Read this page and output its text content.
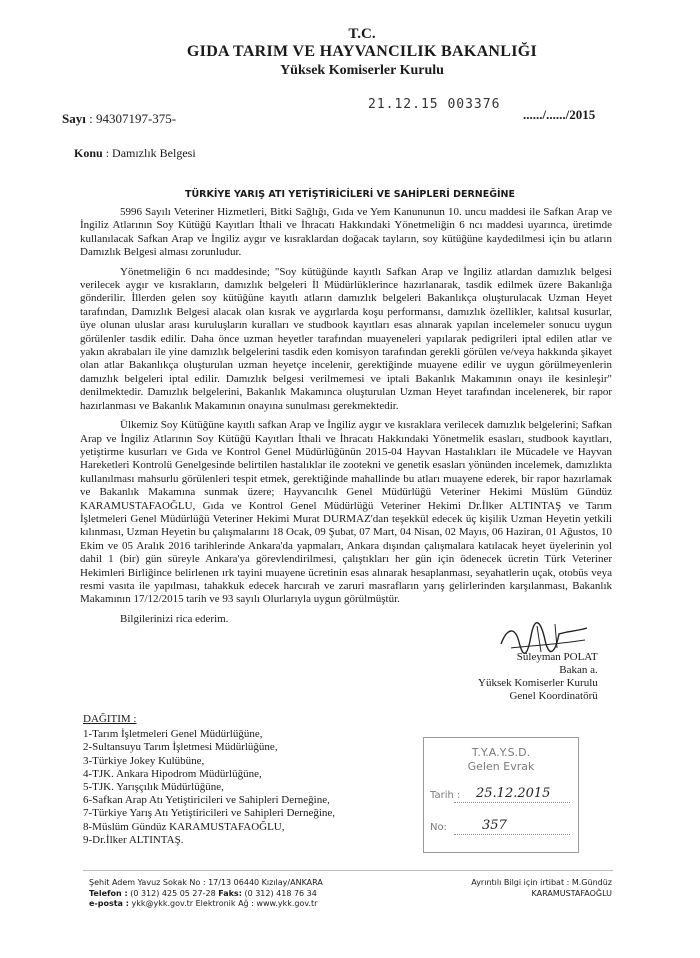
T.C.
GIDA TARIM VE HAYVANCILIK BAKANLIĞI
Yüksek Komiserler Kurulu
21.12.15 003376
Sayı : 94307197-375-	....../....../2015
Konu : Damızlık Belgesi
TÜRKİYE YARIŞ ATI YETİŞTİRİCİLERİ VE SAHİPLERİ DERNEĞİNE

5996 Sayılı Veteriner Hizmetleri, Bitki Sağlığı, Gıda ve Yem Kanununun 10. uncu maddesi ile Safkan Arap ve İngiliz Atlarının Soy Kütüğü Kayıtları İthali ve İhracatı Hakkındaki Yönetmeliğin 6 ncı maddesi uyarınca, üretimde kullanılacak Safkan Arap ve İngiliz aygır ve kısraklardan doğacak tayların, soy kütüğüne kaydedilmesi için bu atların Damızlık Belgesi alması zorunludur.

Yönetmeliğin 6 ncı maddesinde; "Soy kütüğünde kayıtlı Safkan Arap ve İngiliz atlardan damızlık belgesi verilecek aygır ve kısrakların, damızlık belgeleri İl Müdürlüklerince hazırlanarak, tasdik edilmek üzere Bakanlığa gönderilir. İllerden gelen soy kütüğüne kayıtlı atların damızlık belgeleri Bakanlıkça oluşturulacak Uzman Heyet tarafından, Damızlık Belgesi alacak olan kısrak ve aygırlarda koşu performansı, damızlık özellikler, kalıtsal kusurlar, üye olunan uluslar arası kuruluşların kuralları ve studbook kayıtları esas alınarak yapılan incelemeler sonucu uygun görülenler tasdik edilir. Daha önce uzman heyetler tarafından muayeneleri yapılarak pedigrileri iptal edilen atlar ve yakın akrabaları ile yine damızlık belgelerini tasdik eden komisyon tarafından gerekli görülen ve/veya hakkında şikayet olan atlar Bakanlıkça oluşturulan uzman heyetçe incelenir, gerektiğinde muayene edilir ve uygun görülmeyenlerin damızlık belgeleri iptal edilir. Damızlık belgesi verilmemesi ve iptali Bakanlık Makamının onayı ile kesinleşir" denilmektedir. Damızlık belgelerini, Bakanlık Makamınca oluşturulan Uzman Heyet tarafından incelenerek, bir rapor hazırlanması ve Bakanlık Makamının onayına sunulması gerekmektedir.

Ülkemiz Soy Kütüğüne kayıtlı safkan Arap ve İngiliz aygır ve kısraklara verilecek damızlık belgelerini; Safkan Arap ve İngiliz Atlarının Soy Kütüğü Kayıtları İthali ve İhracatı Hakkındaki Yönetmelik esasları, studbook kayıtları, yetiştirme kusurları ve Gıda ve Kontrol Genel Müdürlüğünün 2015-04 Hayvan Hastalıkları ile Mücadele ve Hayvan Hareketleri Kontrolü Genelgesinde belirtilen hastalıklar ile zootekni ve genetik esasları yönünden incelemek, damızlıkta kullanılması mahsurlu görülenleri tespit etmek, gerektiğinde mahallinde bu atları muayene ederek, bir rapor hazırlamak ve Bakanlık Makamına sunmak üzere; Hayvancılık Genel Müdürlüğü Veteriner Hekimi Müslüm Gündüz KARAMUSTAFAOĞLU, Gıda ve Kontrol Genel Müdürlüğü Veteriner Hekimi Dr.İlker ALTINTAŞ ve Tarım İşletmeleri Genel Müdürlüğü Veteriner Hekimi Murat DURMAZ'dan teşekkül edecek üç kişilik Uzman Heyetin yetkili kılınması, Uzman Heyetin bu çalışmalarını 18 Ocak, 09 Şubat, 07 Mart, 04 Nisan, 02 Mayıs, 06 Haziran, 01 Ağustos, 10 Ekim ve 05 Aralık 2016 tarihlerinde Ankara'da yapmaları, Ankara dışından çalışmalara katılacak heyet üyelerinin yol dahil 1 (bir) gün süreyle Ankara'ya görevlendirilmesi, çalıştıkları her gün için ödenecek ücretin Türk Veteriner Hekimleri Birliğince belirlenen ırk tayini muayene ücretinin esas alınarak hesaplanması, seyahatlerin uçak, otobüs veya resmi vasıta ile yapılması, tahakkuk edecek harcırah ve zaruri masrafların yarış gelirlerinden karşılanması, Bakanlık Makamının 17/12/2015 tarih ve 93 sayılı Olurlarıyla uygun görülmüştür.

Bilgilerinizi rica ederim.

Süleyman POLAT
Bakan a.
Yüksek Komiserler Kurulu
Genel Koordinatörü
DAĞITIM :
1-Tarım İşletmeleri Genel Müdürlüğüne,
2-Sultansuyu Tarım İşletmesi Müdürlüğüne,
3-Türkiye Jokey Kulübüne,
4-TJK. Ankara Hipodrom Müdürlüğüne,
5-TJK. Yarışçılık Müdürlüğüne,
6-Safkan Arap Atı Yetiştiricileri ve Sahipleri Derneğine,
7-Türkiye Yarış Atı Yetiştiricileri ve Sahipleri Derneğine,
8-Müslüm Gündüz KARAMUSTAFAOĞLU,
9-Dr.İlker ALTINTAŞ.
T.Y.A.Y.S.D.
Gelen Evrak
Tarih : 25.12.2015
No:	357
Şehit Adem Yavuz Sokak No : 17/13 06440 Kızılay/ANKARA
Telefon : (0 312) 425 05 27-28 Faks: (0 312) 418 76 34
e-posta : ykk@ykk.gov.tr Elektronik Ağ : www.ykk.gov.tr
Ayrıntılı Bilgi için irtibat : M.Gündüz
KARAMUSTAFAOĞLU
